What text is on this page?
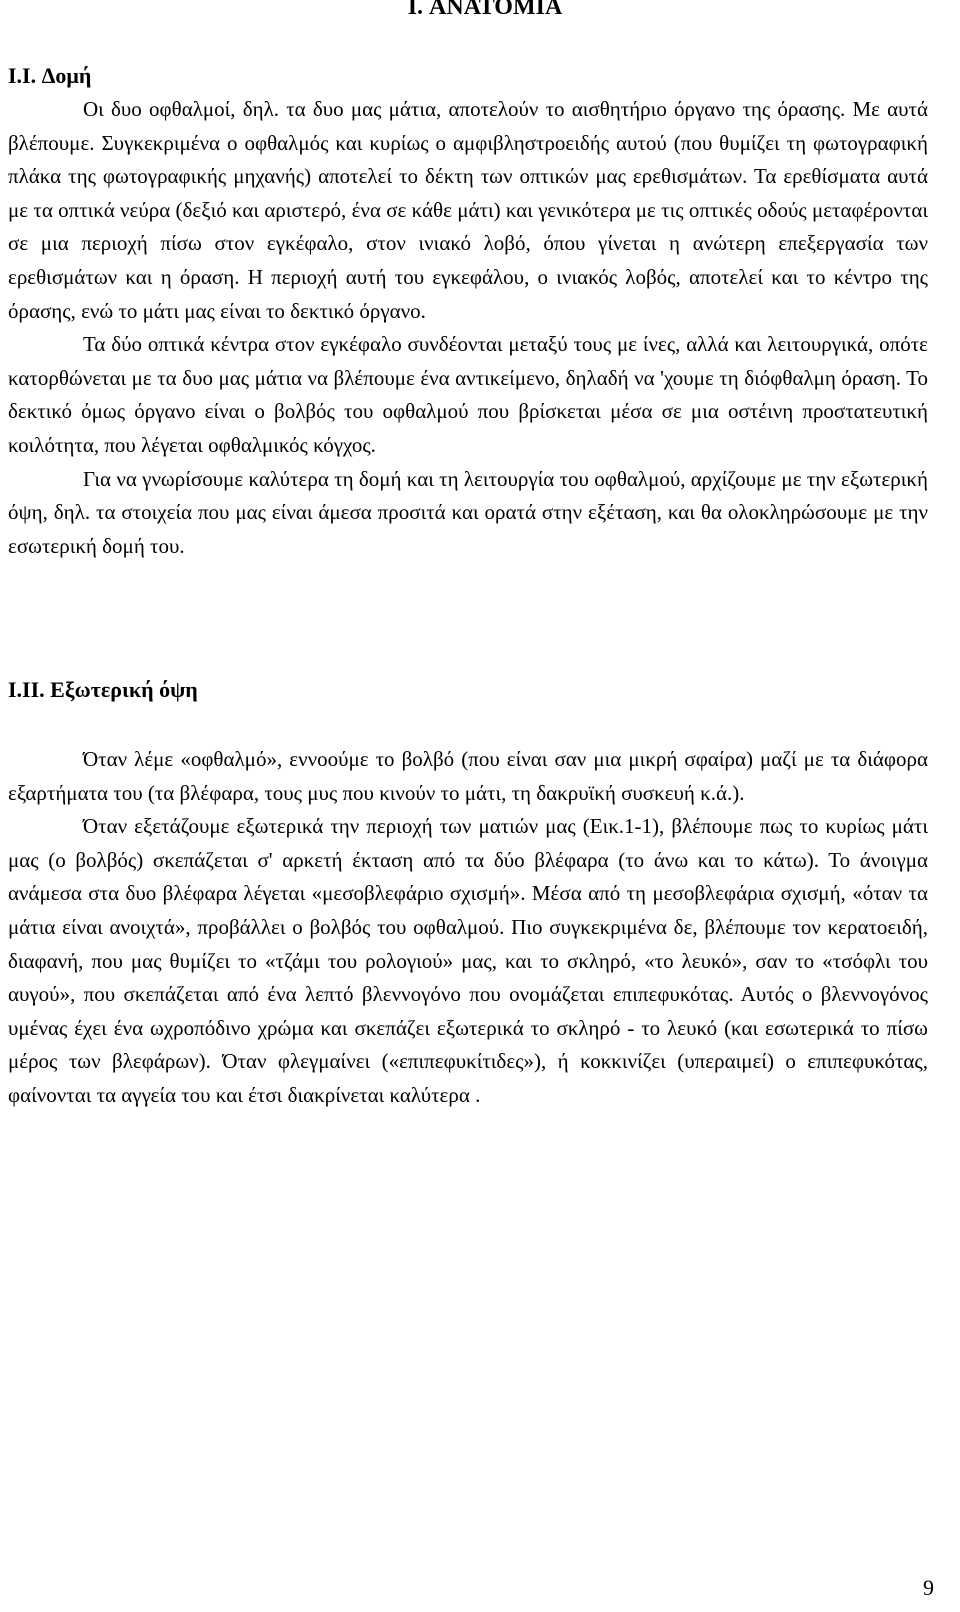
I. ΑΝΑΤΟΜΙΑ
I.I. Δομή

Οι δυο οφθαλμοί, δηλ. τα δυο μας μάτια, αποτελούν το αισθητήριο όργανο της όρασης. Με αυτά βλέπουμε. Συγκεκριμένα ο οφθαλμός και κυρίως ο αμφιβληστροειδής αυτού (που θυμίζει τη φωτογραφική πλάκα της φωτογραφικής μηχανής) αποτελεί το δέκτη των οπτικών μας ερεθισμάτων. Τα ερεθίσματα αυτά με τα οπτικά νεύρα (δεξιό και αριστερό, ένα σε κάθε μάτι) και γενικότερα με τις οπτικές οδούς μεταφέρονται σε μια περιοχή πίσω στον εγκέφαλο, στον ινιακό λοβό, όπου γίνεται η ανώτερη επεξεργασία των ερεθισμάτων και η όραση. Η περιοχή αυτή του εγκεφάλου, ο ινιακός λοβός, αποτελεί και το κέντρο της όρασης, ενώ το μάτι μας είναι το δεκτικό όργανο.

Τα δύο οπτικά κέντρα στον εγκέφαλο συνδέονται μεταξύ τους με ίνες, αλλά και λειτουργικά, οπότε κατορθώνεται με τα δυο μας μάτια να βλέπουμε ένα αντικείμενο, δηλαδή να 'χουμε τη διόφθαλμη όραση. Το δεκτικό όμως όργανο είναι ο βολβός του οφθαλμού που βρίσκεται μέσα σε μια οστέινη προστατευτική κοιλότητα, που λέγεται οφθαλμικός κόγχος.

Για να γνωρίσουμε καλύτερα τη δομή και τη λειτουργία του οφθαλμού, αρχίζουμε με την εξωτερική όψη, δηλ. τα στοιχεία που μας είναι άμεσα προσιτά και ορατά στην εξέταση, και θα ολοκληρώσουμε με την εσωτερική δομή του.

I.II. Εξωτερική όψη

Όταν λέμε «οφθαλμό», εννοούμε το βολβό (που είναι σαν μια μικρή σφαίρα) μαζί με τα διάφορα εξαρτήματα του (τα βλέφαρα, τους μυς που κινούν το μάτι, τη δακρυϊκή συσκευή κ.ά.).

Όταν εξετάζουμε εξωτερικά την περιοχή των ματιών μας (Εικ.1-1), βλέπουμε πως το κυρίως μάτι μας (ο βολβός) σκεπάζεται σ' αρκετή έκταση από τα δύο βλέφαρα (το άνω και το κάτω). Το άνοιγμα ανάμεσα στα δυο βλέφαρα λέγεται «μεσοβλεφάριο σχισμή». Μέσα από τη μεσοβλεφάρια σχισμή, «όταν τα μάτια είναι ανοιχτά», προβάλλει ο βολβός του οφθαλμού. Πιο συγκεκριμένα δε, βλέπουμε τον κερατοειδή, διαφανή, που μας θυμίζει το «τζάμι του ρολογιού» μας, και το σκληρό, «το λευκό», σαν το «τσόφλι του αυγού», που σκεπάζεται από ένα λεπτό βλεννογόνο που ονομάζεται επιπεφυκότας. Αυτός ο βλεννογόνος υμένας έχει ένα ωχροπόδινο χρώμα και σκεπάζει εξωτερικά το σκληρό - το λευκό (και εσωτερικά το πίσω μέρος των βλεφάρων). Όταν φλεγμαίνει («επιπεφυκίτιδες»), ή κοκκινίζει (υπεραιμεί) ο επιπεφυκότας, φαίνονται τα αγγεία του και έτσι διακρίνεται καλύτερα .

9
